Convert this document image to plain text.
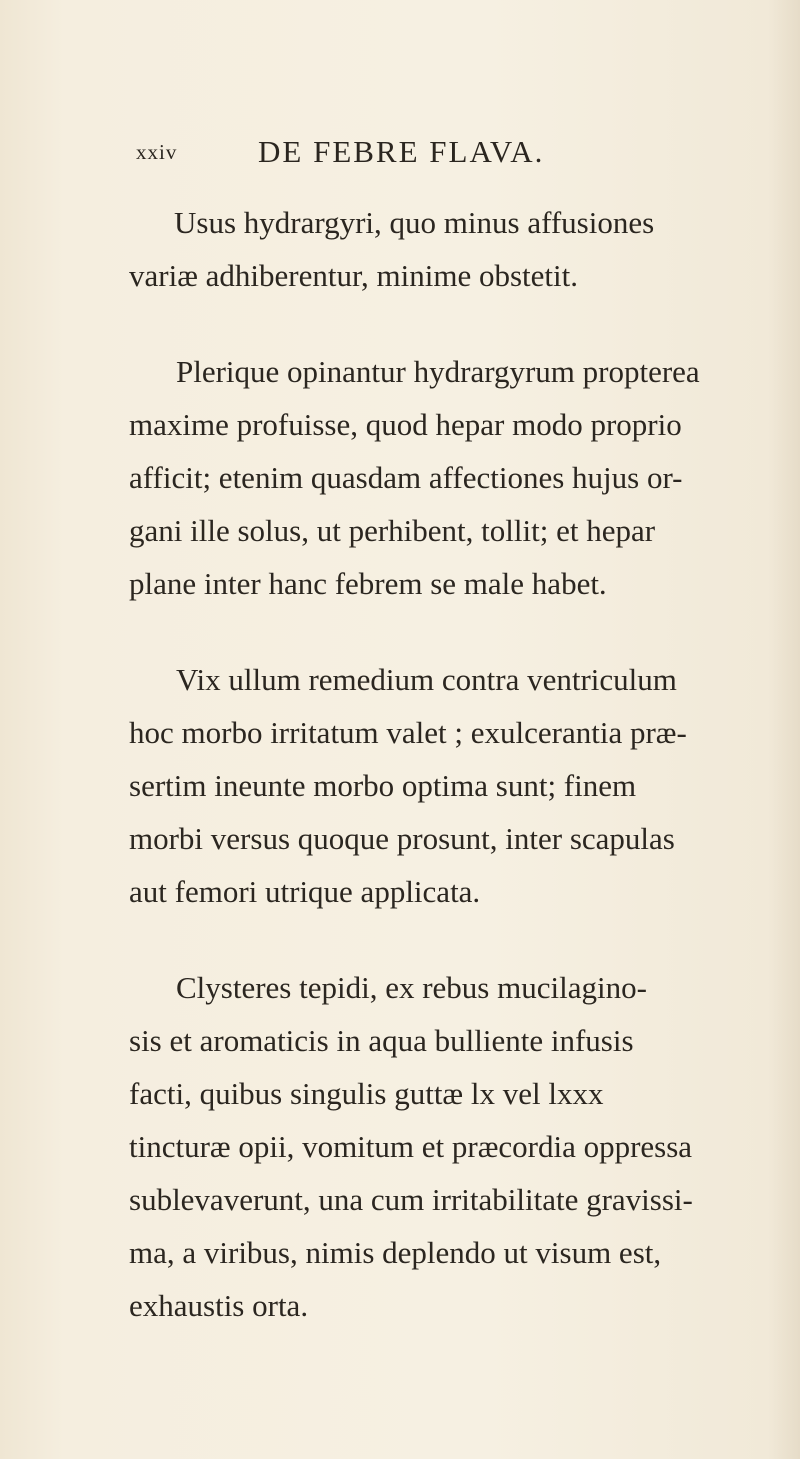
xxiv	DE FEBRE FLAVA.
Usus hydrargyri, quo minus affusiones
variæ adhiberentur, minime obstetit.
Plerique opinantur hydrargyrum propterea
maxime profuisse, quod hepar modo proprio
afficit; etenim quasdam affectiones hujus or-
gani ille solus, ut perhibent, tollit; et hepar
plane inter hanc febrem se male habet.
Vix ullum remedium contra ventriculum
hoc morbo irritatum valet ; exulcerantia præ-
sertim ineunte morbo optima sunt; finem
morbi versus quoque prosunt, inter scapulas
aut femori utrique applicata.
Clysteres tepidi, ex rebus mucilagino-
sis et aromaticis in aqua bulliente infusis
facti, quibus singulis guttæ lx vel lxxx
tincturæ opii, vomitum et præcordia oppressa
sublevaverunt, una cum irritabilitate gravissi-
ma, a viribus, nimis deplendo ut visum est,
exhaustis orta.
